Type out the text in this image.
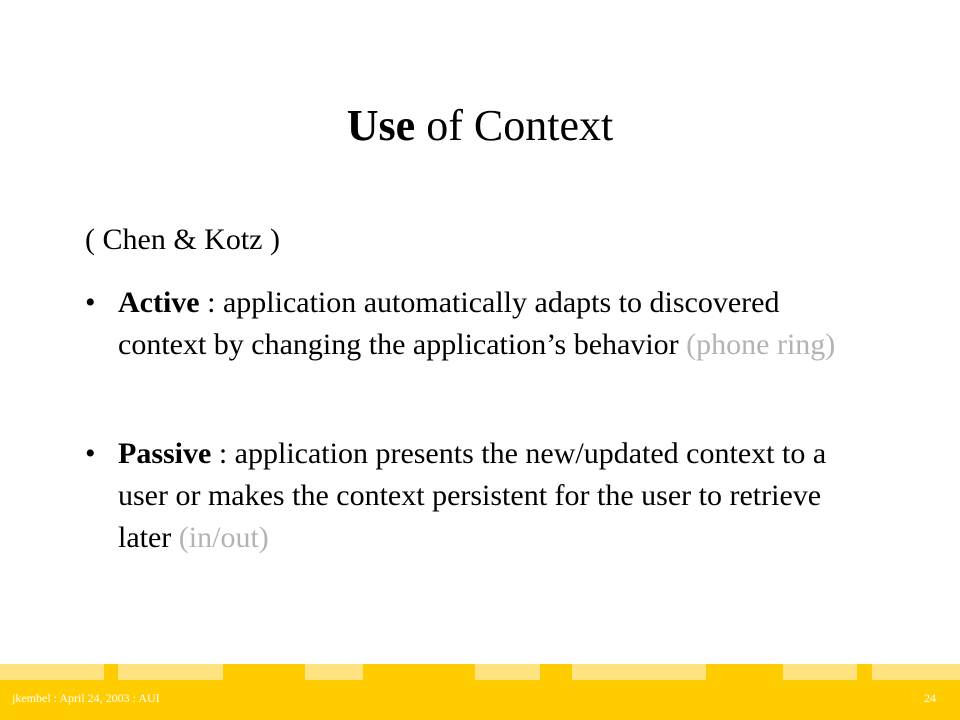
Use of Context
( Chen & Kotz )
• Active : application automatically adapts to discovered context by changing the application’s behavior (phone ring)
• Passive : application presents the new/updated context to a user or makes the context persistent for the user to retrieve later (in/out)
jkembel : April 24, 2003 : AUI	24
